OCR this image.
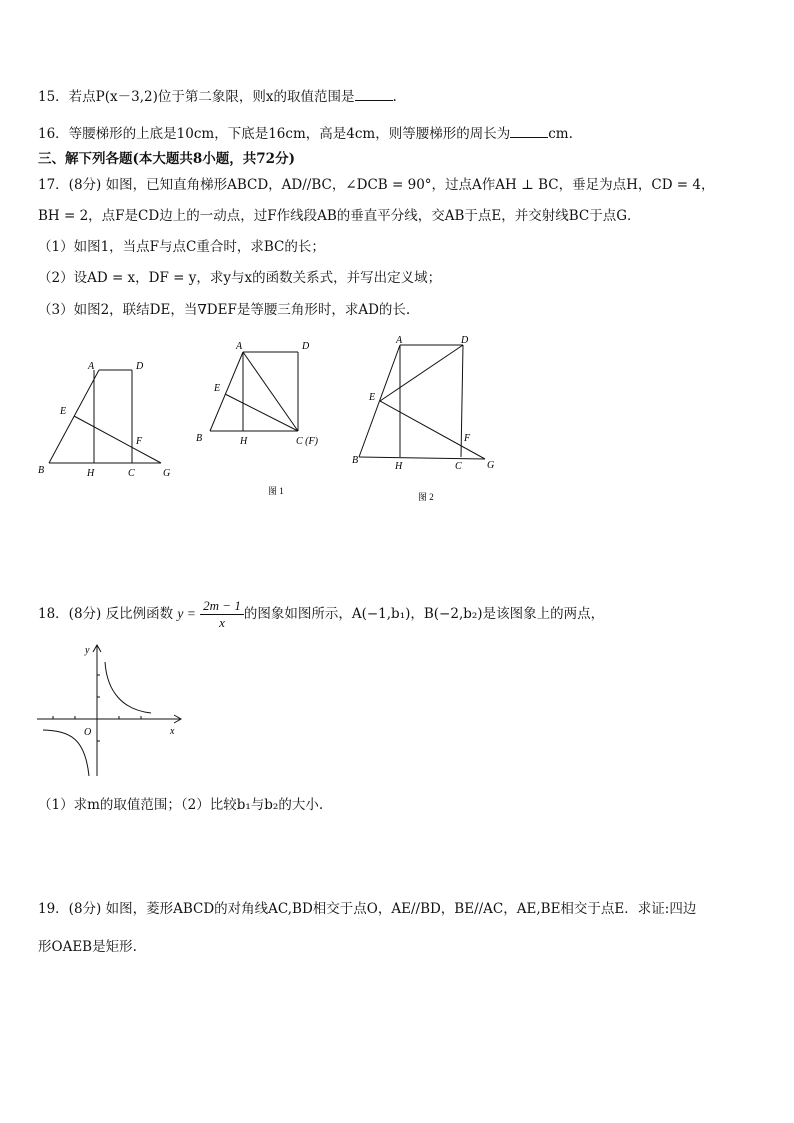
15．若点P(x－3,2)位于第二象限，则x的取值范围是	.
16．等腰梯形的上底是10cm，下底是16cm，高是4cm，则等腰梯形的周长为	cm.
三、解下列各题(本大题共8小题，共72分)
17．(8分) 如图，已知直角梯形ABCD，AD//BC，∠DCB = 90°，过点A作AH ⊥ BC，垂足为点H，CD = 4，
BH = 2，点F是CD边上的一动点，过F作线段AB的垂直平分线，交AB于点E，并交射线BC于点G．
（1）如图1，当点F与点C重合时，求BC的长；
（2）设AD = x，DF = y，求y与x的函数关系式，并写出定义域；
（3）如图2，联结DE，当∇DEF是等腰三角形时，求AD的长.
A	D
E
F
B	H	C	G
A	D
E
B	H	C (F)
图 1
A	D
E
F
B
H	C	G
图 2
18．(8分) 反比例函数 $y = \frac{2m - 1}{x}$ 的图象如图所示，A(−1,b₁)，B(−2,b₂)是该图象上的两点，
y
x
O
（1）求m的取值范围；（2）比较b₁与b₂的大小.
19．(8分) 如图，菱形ABCD的对角线AC,BD相交于点O，AE//BD，BE//AC，AE,BE相交于点E．求证:四边
形OAEB是矩形.
